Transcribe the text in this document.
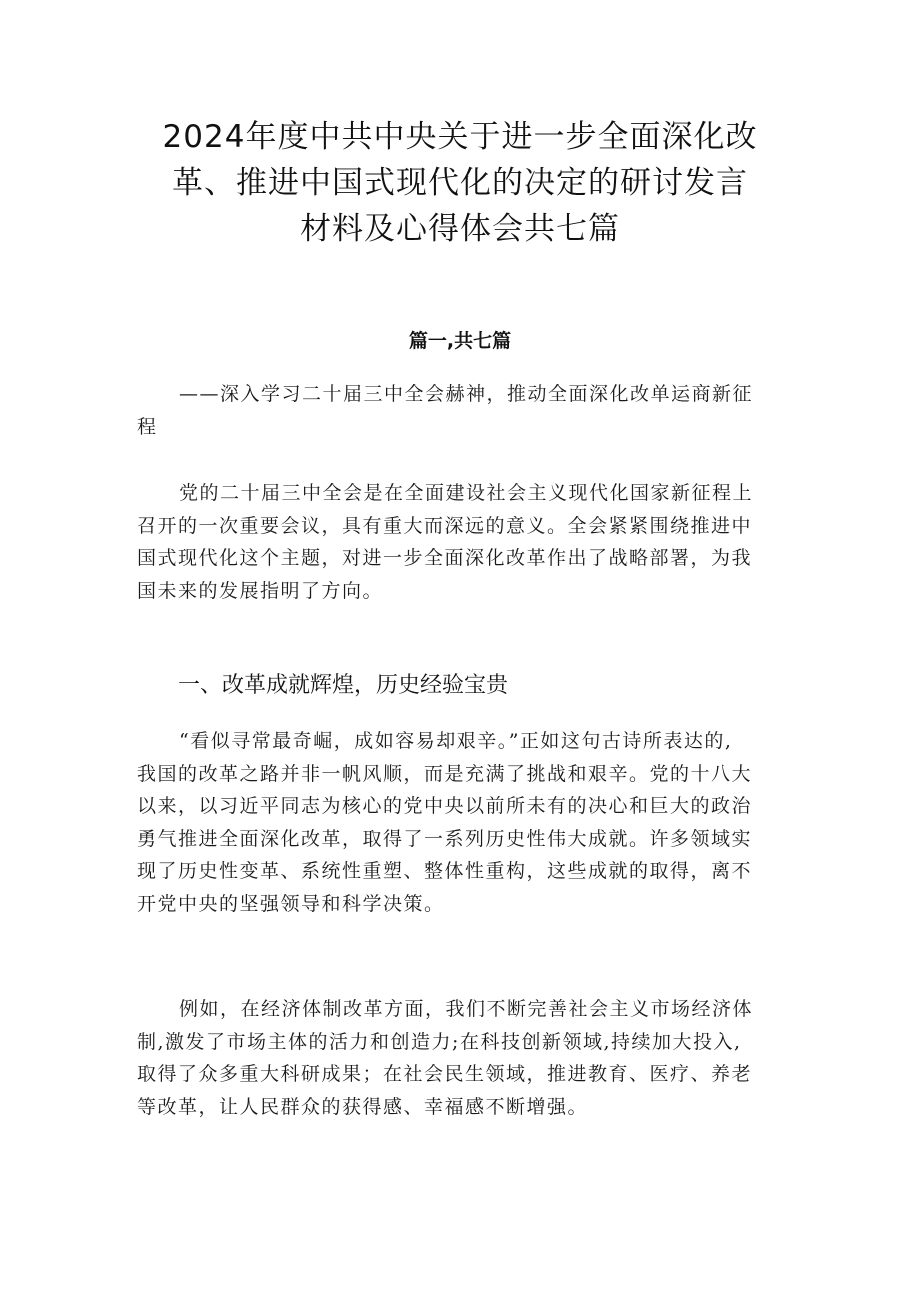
2024年度中共中央关于进一步全面深化改
革、推进中国式现代化的决定的研讨发言
材料及心得体会共七篇
篇一,共七篇

——深入学习二十届三中全会赫神，推动全面深化改单运商新征
程

党的二十届三中全会是在全面建设社会主义现代化国家新征程上
召开的一次重要会议，具有重大而深远的意义。全会紧紧围绕推进中
国式现代化这个主题，对进一步全面深化改革作出了战略部署，为我
国未来的发展指明了方向。

一、改革成就辉煌，历史经验宝贵

“看似寻常最奇崛，成如容易却艰辛。”正如这句古诗所表达的,
我国的改革之路并非一帆风顺，而是充满了挑战和艰辛。党的十八大
以来，以习近平同志为核心的党中央以前所未有的决心和巨大的政治
勇气推进全面深化改革，取得了一系列历史性伟大成就。许多领域实
现了历史性变革、系统性重塑、整体性重构，这些成就的取得，离不
开党中央的坚强领导和科学决策。

例如，在经济体制改革方面，我们不断完善社会主义市场经济体
制,激发了市场主体的活力和创造力;在科技创新领域,持续加大投入,
取得了众多重大科研成果；在社会民生领域，推进教育、医疗、养老
等改革，让人民群众的获得感、幸福感不断增强。
